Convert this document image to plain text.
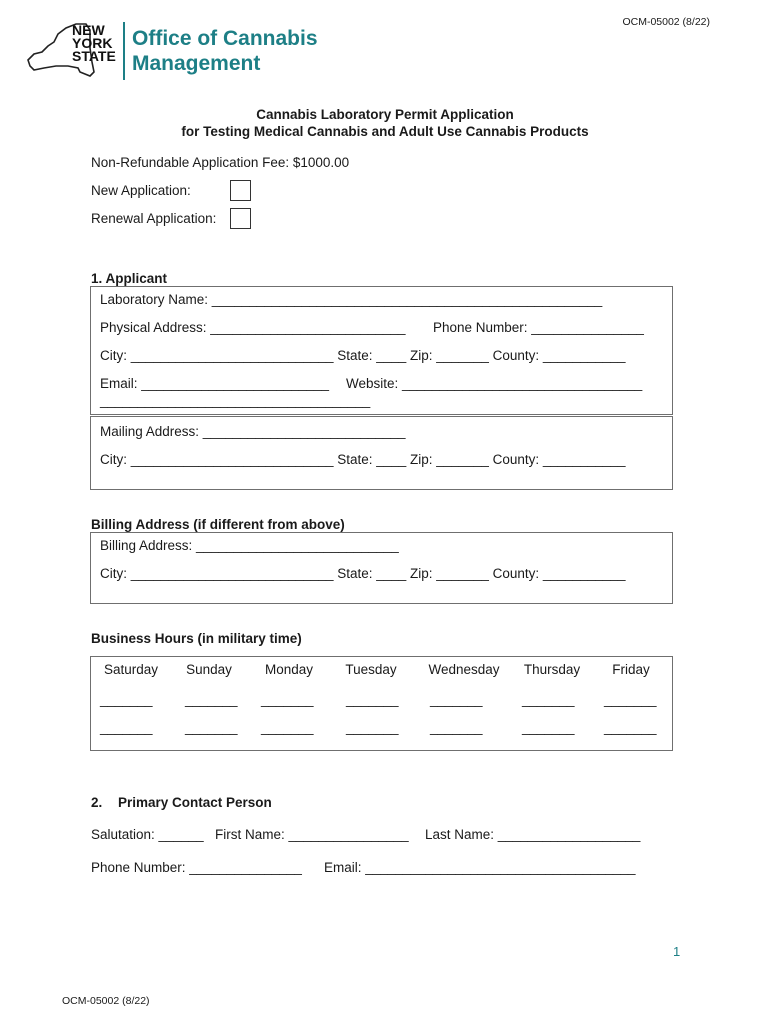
OCM-05002 (8/22)
NEW
YORK
STATE
Office of Cannabis
Management
Cannabis Laboratory Permit Application
for Testing Medical Cannabis and Adult Use Cannabis Products
Non-Refundable Application Fee: $1000.00
New Application:
Renewal Application:
1. Applicant
Laboratory Name: ____________________________________________________
Physical Address: __________________________ Phone Number: _______________
City: ___________________________ State: ____ Zip: _______ County: ___________
Email: _________________________ Website: ________________________________
____________________________________
Mailing Address: ___________________________
City: ___________________________ State: ____ Zip: _______ County: ___________
Billing Address (if different from above)
Billing Address: ___________________________
City: ___________________________ State: ____ Zip: _______ County: ___________
Business Hours (in military time)
Saturday	Sunday	Monday	Tuesday	Wednesday	Thursday	Friday
_______ _______ _______ _______ _______	_______ _______
_______ _______ _______ _______ _______	_______ _______
2. Primary Contact Person
Salutation: ______ First Name: ________________ Last Name: ___________________
Phone Number: _______________ Email: ____________________________________
1
OCM-05002 (8/22)
